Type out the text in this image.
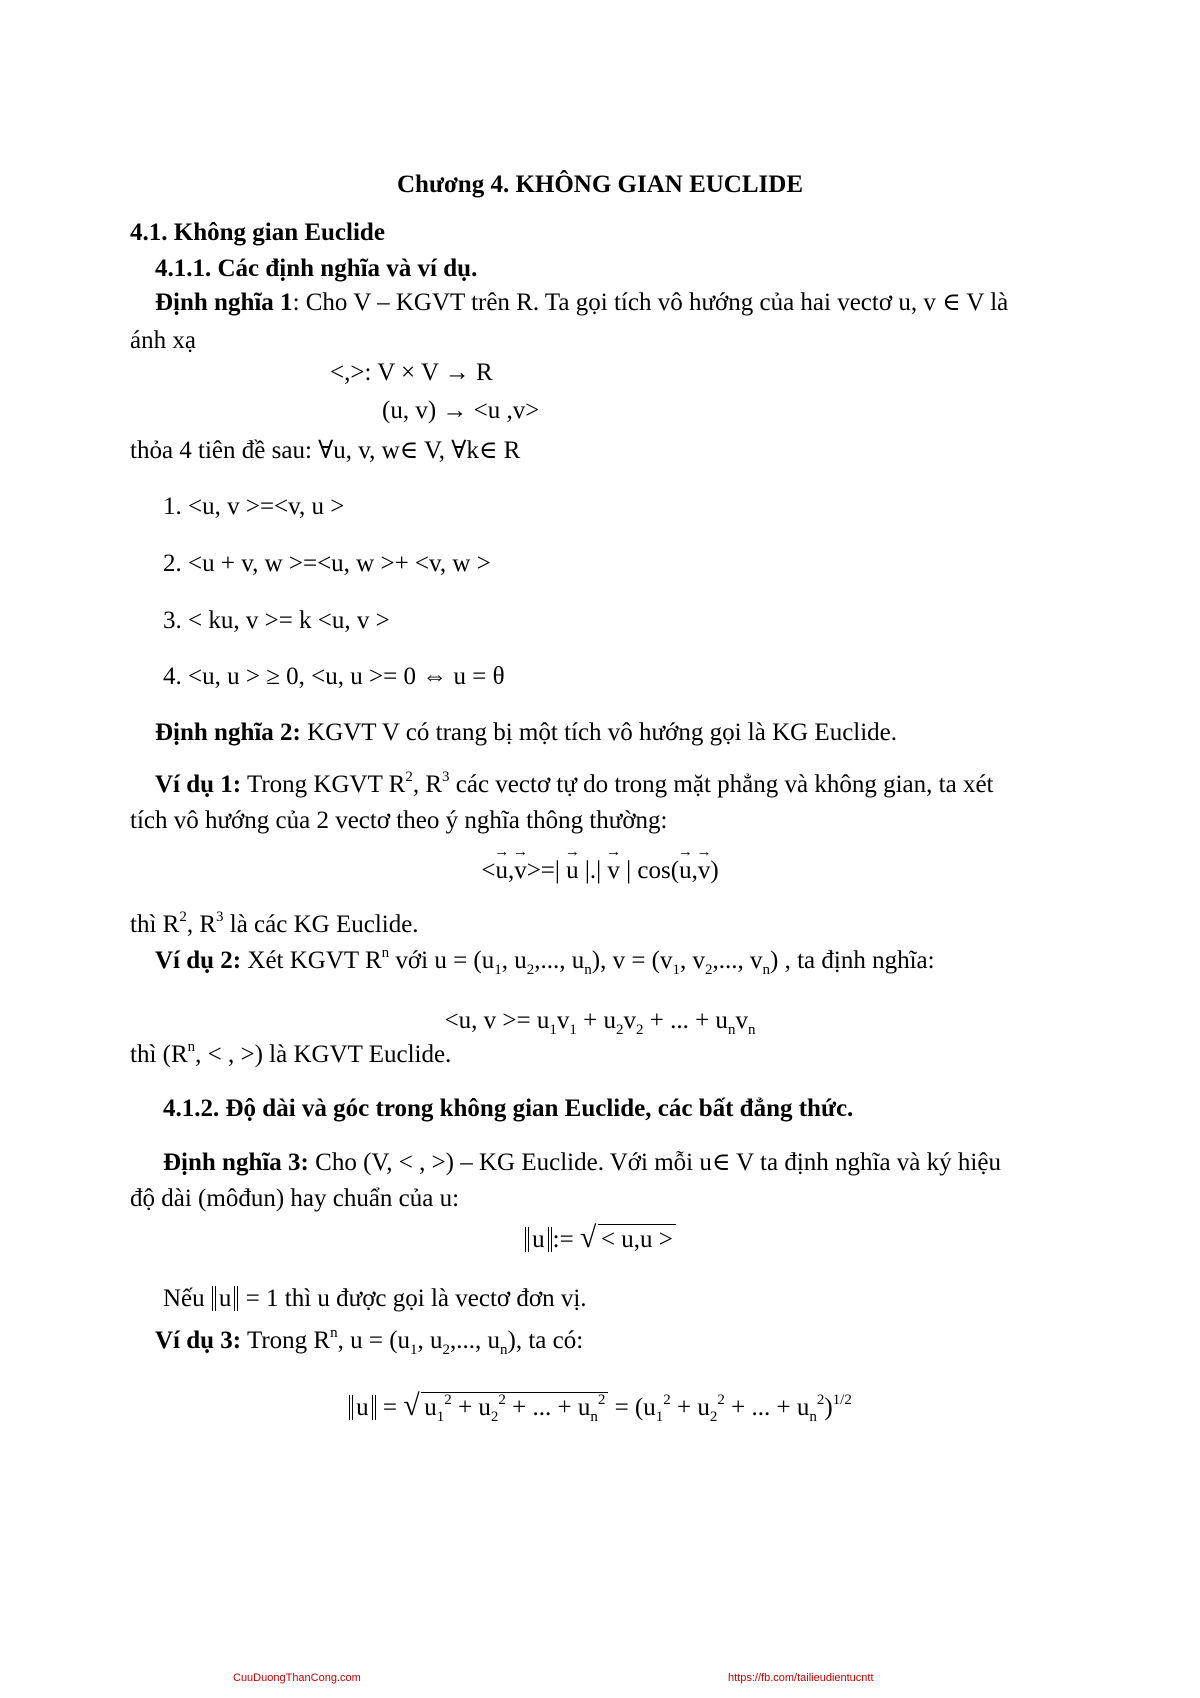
Chương 4. KHÔNG GIAN EUCLIDE
4.1. Không gian Euclide
4.1.1. Các định nghĩa và ví dụ.
Định nghĩa 1: Cho V – KGVT trên R. Ta gọi tích vô hướng của hai vectơ u, v ∈ V là
ánh xạ
<,>: V × V → R
(u, v) → <u ,v>
thỏa 4 tiên đề sau: ∀u, v, w∈ V, ∀k∈ R
1. <u, v >=<v, u >
2. <u + v, w >=<u, w >+ <v, w >
3. < ku, v >= k <u, v >
4. <u, u > ≥ 0, <u, u >= 0 ⇔ u = θ
Định nghĩa 2: KGVT V có trang bị một tích vô hướng gọi là KG Euclide.
Ví dụ 1: Trong KGVT $R^2$, $R^3$ các vectơ tự do trong mặt phẳng và không gian, ta xét
tích vô hướng của 2 vectơ theo ý nghĩa thông thường:
<u →,v →>=| u → |.| v → | cos(u →,v →)
thì $R^2$, $R^3$ là các KG Euclide.
Ví dụ 2: Xét KGVT $R^n$ với $u = (u_1$, $u_2$,..., $u_n$), $v = (v_1$, $v_2$,..., $v_n$) , ta định nghĩa:
<u, $v >= u_1v_1 + u_2v_2$ + ... + $u_nv_n$
thì ($R^n$, < , >) là KGVT Euclide.
4.1.2. Độ dài và góc trong không gian Euclide, các bất đẳng thức.
Định nghĩa 3: Cho (V, < , >) – KG Euclide. Với mỗi u∈ V ta định nghĩa và ký hiệu
độ dài (môđun) hay chuẩn của u:
u := √ < u,u >
Nếu u = 1 thì u được gọi là vectơ đơn vị.
Ví dụ 3: Trong $R^n$, $u = (u_1$, $u_2$,..., $u_n$), ta có:
u = √ $u_1^2 + u_2^2$ + ... + $u_n^2 = (u_1^2 + u_2^2$ + ... + $u_n^2)^{1/2}$
CuuDuongThanCong.com	https://fb.com/tailieudientucntt
